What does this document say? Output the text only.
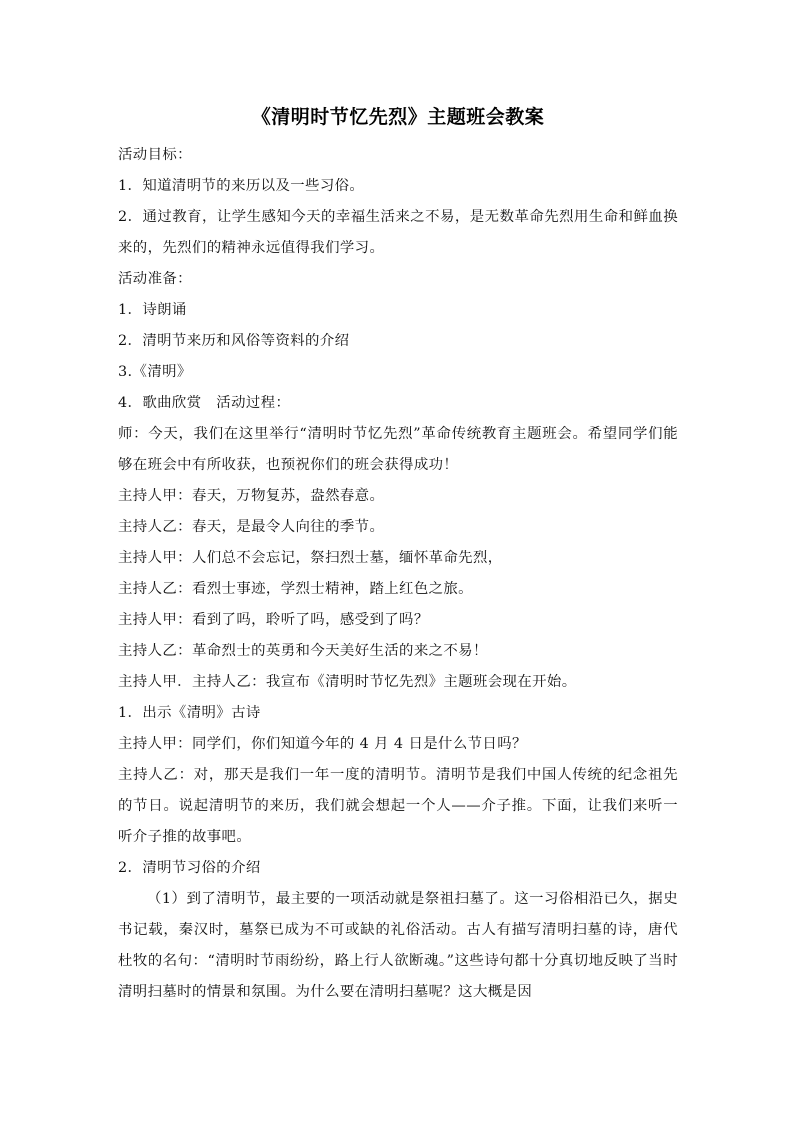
《清明时节忆先烈》主题班会教案
活动目标：
1．知道清明节的来历以及一些习俗。
2．通过教育，让学生感知今天的幸福生活来之不易，是无数革命先烈用生命和鲜血换来的，先烈们的精神永远值得我们学习。
活动准备：
1．诗朗诵
2．清明节来历和风俗等资料的介绍
3.《清明》
4．歌曲欣赏　活动过程：
师：今天，我们在这里举行“清明时节忆先烈”革命传统教育主题班会。希望同学们能够在班会中有所收获，也预祝你们的班会获得成功！
主持人甲：春天，万物复苏，盎然春意。
主持人乙：春天，是最令人向往的季节。
主持人甲：人们总不会忘记，祭扫烈士墓，缅怀革命先烈，
主持人乙：看烈士事迹，学烈士精神，踏上红色之旅。
主持人甲：看到了吗，聆听了吗，感受到了吗？
主持人乙：革命烈士的英勇和今天美好生活的来之不易！
主持人甲．主持人乙：我宣布《清明时节忆先烈》主题班会现在开始。
1．出示《清明》古诗
主持人甲：同学们，你们知道今年的 4 月 4 日是什么节日吗？
主持人乙：对，那天是我们一年一度的清明节。清明节是我们中国人传统的纪念祖先的节日。说起清明节的来历，我们就会想起一个人——介子推。下面，让我们来听一听介子推的故事吧。
2．清明节习俗的介绍
（1）到了清明节，最主要的一项活动就是祭祖扫墓了。这一习俗相沿已久，据史书记载，秦汉时，墓祭已成为不可或缺的礼俗活动。古人有描写清明扫墓的诗，唐代杜牧的名句：“清明时节雨纷纷，路上行人欲断魂。”这些诗句都十分真切地反映了当时清明扫墓时的情景和氛围。为什么要在清明扫墓呢？这大概是因
